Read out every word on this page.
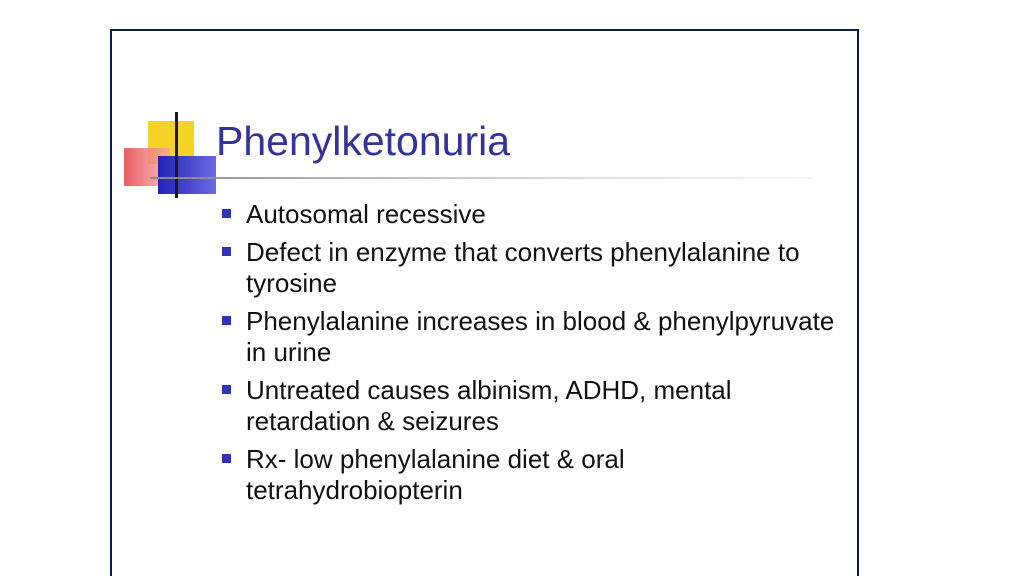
Phenylketonuria
Autosomal recessive
Defect in enzyme that converts phenylalanine to tyrosine
Phenylalanine increases in blood & phenylpyruvate in urine
Untreated causes albinism, ADHD, mental retardation & seizures
Rx- low phenylalanine diet & oral tetrahydrobiopterin
